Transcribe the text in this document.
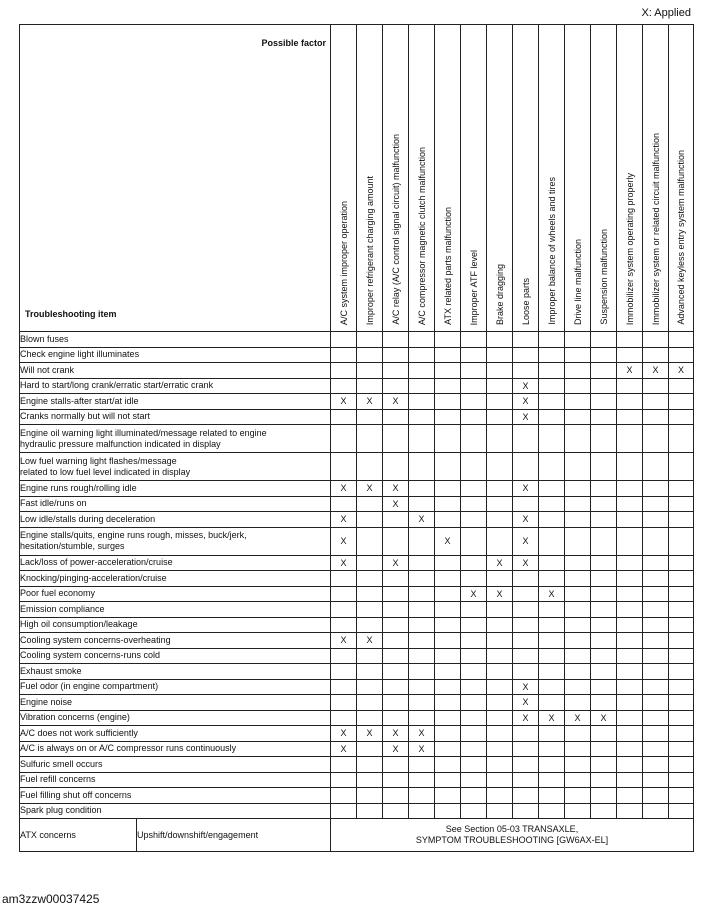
X: Applied
Possible factor
Troubleshooting item		A/C system improper operation	Improper refrigerant charging amount	A/C relay (A/C control signal circuit) malfunction	A/C compressor magnetic clutch malfunction	ATX related parts malfunction	Improper ATF level	Brake dragging	Loose parts	Improper balance of wheels and tires	Drive line malfunction	Suspension malfunction	Immobilizer system operating properly	Immobilizer system or related circuit malfunction	Advanced keyless entry system malfunction

Blown fuses															
Check engine light illuminates															
Will not crank													X	X	X
Hard to start/long crank/erratic start/erratic crank									X						
Engine stalls-after start/at idle		X	X	X					X						
Cranks normally but will not start									X						
Engine oil warning light illuminated/message related to engine
hydraulic pressure malfunction indicated in display															
Low fuel warning light flashes/message
related to low fuel level indicated in display															
Engine runs rough/rolling idle		X	X	X					X						
Fast idle/runs on				X											
Low idle/stalls during deceleration		X			X				X						
Engine stalls/quits, engine runs rough, misses, buck/jerk,
hesitation/stumble, surges		X				X			X						
Lack/loss of power-acceleration/cruise		X		X				X	X						
Knocking/pinging-acceleration/cruise															
Poor fuel economy							X	X		X					
Emission compliance															
High oil consumption/leakage															
Cooling system concerns-overheating		X	X												
Cooling system concerns-runs cold															
Exhaust smoke															
Fuel odor (in engine compartment)									X						
Engine noise									X						
Vibration concerns (engine)									X	X	X	X			
A/C does not work sufficiently		X	X	X	X										
A/C is always on or A/C compressor runs continuously		X		X	X										
Sulfuric smell occurs															
Fuel refill concerns															
Fuel filling shut off concerns															
Spark plug condition															
ATX concerns	Upshift/downshift/engagement	See Section 05-03 TRANSAXLE,
SYMPTOM TROUBLESHOOTING [GW6AX-EL]													
am3zzw00037425
